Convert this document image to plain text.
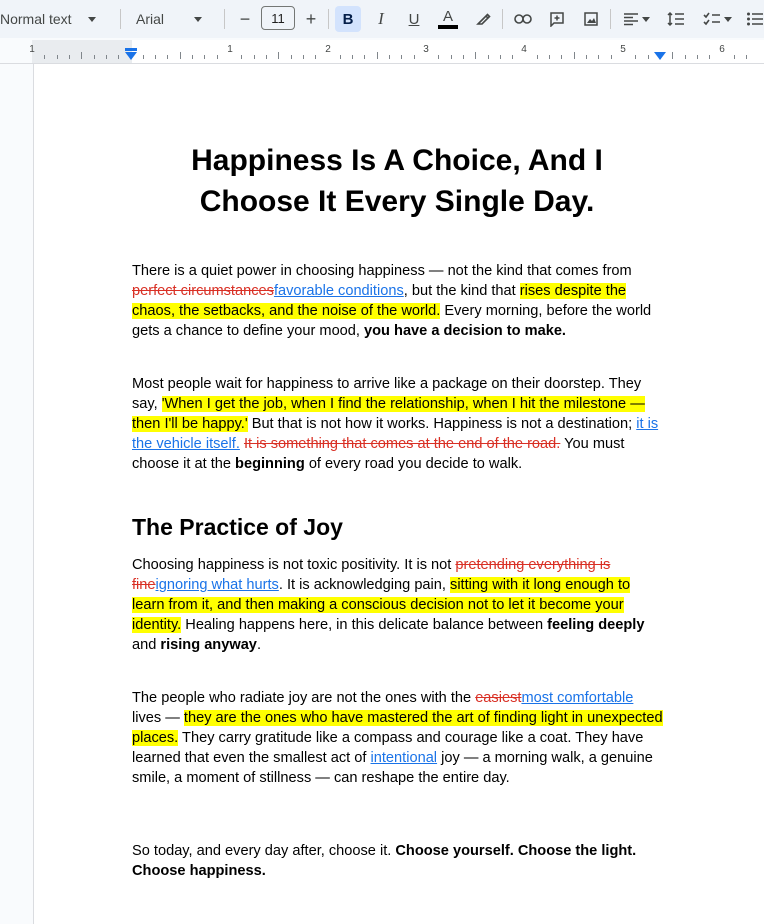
Normal text	Arial	−	11	+	B	I	U	A
1	1	2	3	4	5	6
Happiness Is A Choice, And I
Choose It Every Single Day.
There is a quiet power in choosing happiness — not the kind that comes from perfect circumstancesfavorable conditions, but the kind that rises despite the chaos, the setbacks, and the noise of the world. Every morning, before the world gets a chance to define your mood, you have a decision to make.
Most people wait for happiness to arrive like a package on their doorstep. They say, 'When I get the job, when I find the relationship, when I hit the milestone — then I'll be happy.' But that is not how it works. Happiness is not a destination; it is the vehicle itself. It is something that comes at the end of the road. You must choose it at the beginning of every road you decide to walk.
The Practice of Joy
Choosing happiness is not toxic positivity. It is not pretending everything is fineignoring what hurts. It is acknowledging pain, sitting with it long enough to learn from it, and then making a conscious decision not to let it become your identity. Healing happens here, in this delicate balance between feeling deeply and rising anyway.
The people who radiate joy are not the ones with the easiestmost comfortable lives — they are the ones who have mastered the art of finding light in unexpected places. They carry gratitude like a compass and courage like a coat. They have learned that even the smallest act of intentional joy — a morning walk, a genuine smile, a moment of stillness — can reshape the entire day.
So today, and every day after, choose it. Choose yourself. Choose the light. Choose happiness.
